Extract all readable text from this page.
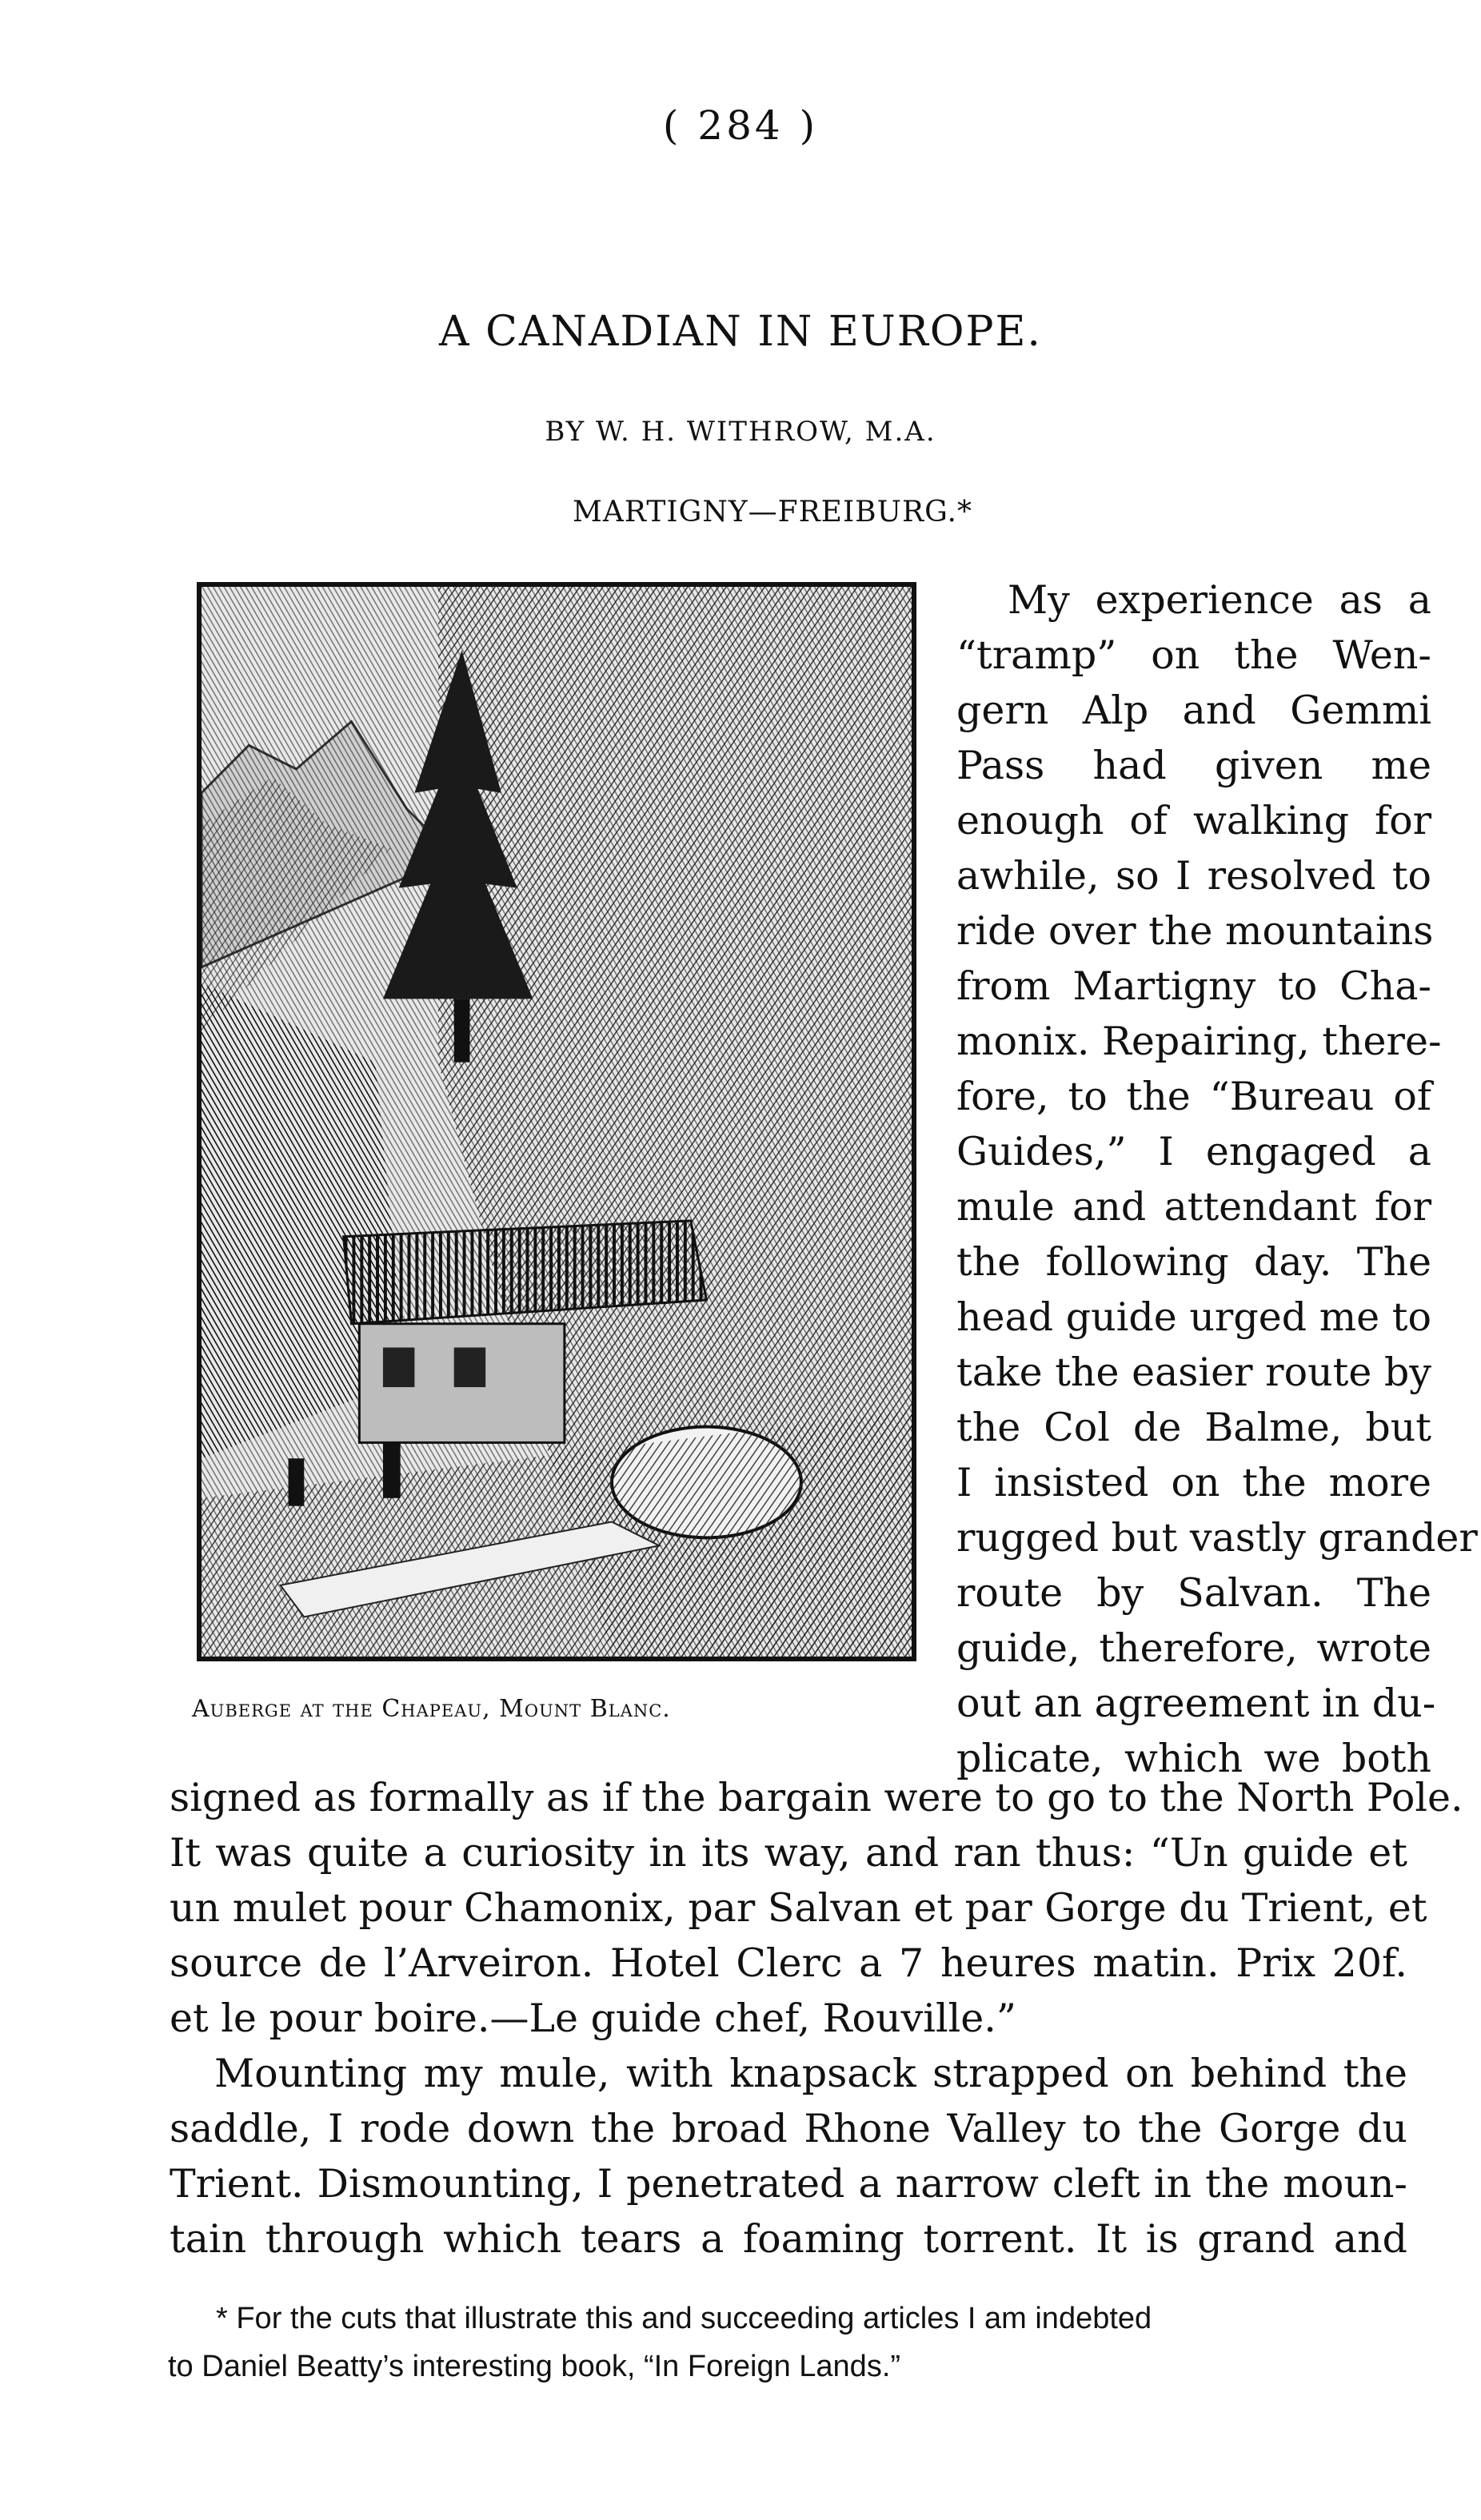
( 284 )
A CANADIAN IN EUROPE.
BY W. H. WITHROW, M.A.
MARTIGNY—FREIBURG.*
Auberge at the Chapeau, Mount Blanc.

My experience as a
“tramp” on the Wen-
gern Alp and Gemmi
Pass had given me
enough of walking for
awhile, so I resolved to
ride over the mountains
from Martigny to Cha-
monix. Repairing, there-
fore, to the “Bureau of
Guides,” I engaged a
mule and attendant for
the following day. The
head guide urged me to
take the easier route by
the Col de Balme, but
I insisted on the more
rugged but vastly grander
route by Salvan. The
guide, therefore, wrote
out an agreement in du-
plicate, which we both

signed as formally as if the bargain were to go to the North Pole.
It was quite a curiosity in its way, and ran thus: “Un guide et
un mulet pour Chamonix, par Salvan et par Gorge du Trient, et
source de l’Arveiron. Hotel Clerc a 7 heures matin. Prix 20f.
et le pour boire.—Le guide chef, Rouville.”

Mounting my mule, with knapsack strapped on behind the
saddle, I rode down the broad Rhone Valley to the Gorge du
Trient. Dismounting, I penetrated a narrow cleft in the moun-
tain through which tears a foaming torrent. It is grand and

* For the cuts that illustrate this and succeeding articles I am indebted
to Daniel Beatty’s interesting book, “In Foreign Lands.”
